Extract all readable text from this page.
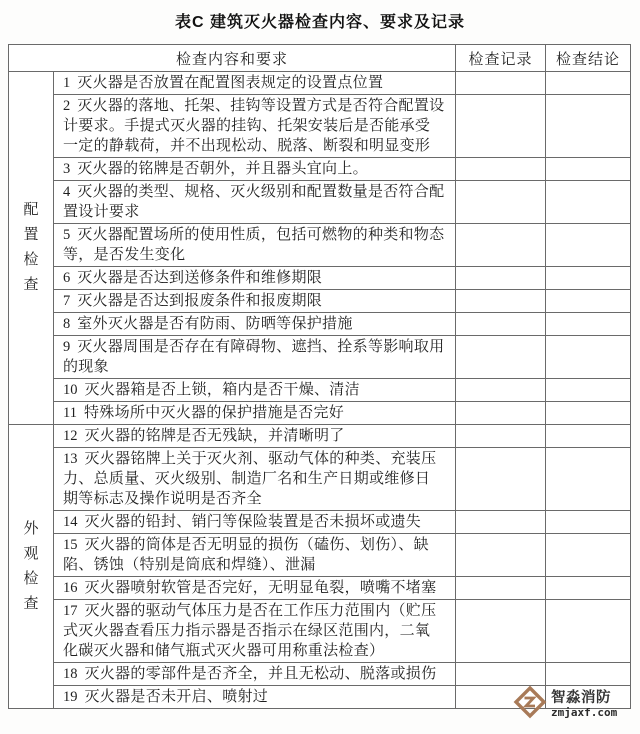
表C 建筑灭火器检查内容、要求及记录
检查内容和要求		检查记录	检查结论

配置检查	1 灭火器是否放置在配置图表规定的设置点位置		
	2 灭火器的落地、托架、挂钩等设置方式是否符合配置设计要求。手提式灭火器的挂钩、托架安装后是否能承受一定的静载荷，并不出现松动、脱落、断裂和明显变形		
	3 灭火器的铭牌是否朝外，并且器头宜向上。		
	4 灭火器的类型、规格、灭火级别和配置数量是否符合配置设计要求		
	5 灭火器配置场所的使用性质，包括可燃物的种类和物态等，是否发生变化		
	6 灭火器是否达到送修条件和维修期限		
	7 灭火器是否达到报废条件和报废期限		
	8 室外灭火器是否有防雨、防晒等保护措施		
	9 灭火器周围是否存在有障碍物、遮挡、拴系等影响取用的现象		
	10 灭火器箱是否上锁，箱内是否干燥、清洁		
	11 特殊场所中灭火器的保护措施是否完好		

外观检查	12 灭火器的铭牌是否无残缺，并清晰明了		
	13 灭火器铭牌上关于灭火剂、驱动气体的种类、充装压力、总质量、灭火级别、制造厂名和生产日期或维修日期等标志及操作说明是否齐全		
	14 灭火器的铅封、销闩等保险装置是否未损坏或遗失		
	15 灭火器的筒体是否无明显的损伤（磕伤、划伤）、缺陷、锈蚀（特别是筒底和焊缝）、泄漏		
	16 灭火器喷射软管是否完好，无明显龟裂，喷嘴不堵塞		
	17 灭火器的驱动气体压力是否在工作压力范围内（贮压式灭火器查看压力指示器是否指示在绿区范围内，二氧化碳灭火器和储气瓶式灭火器可用称重法检查）		
	18 灭火器的零部件是否齐全，并且无松动、脱落或损伤		
	19 灭火器是否未开启、喷射过			智淼消防
zmjaxf.com
